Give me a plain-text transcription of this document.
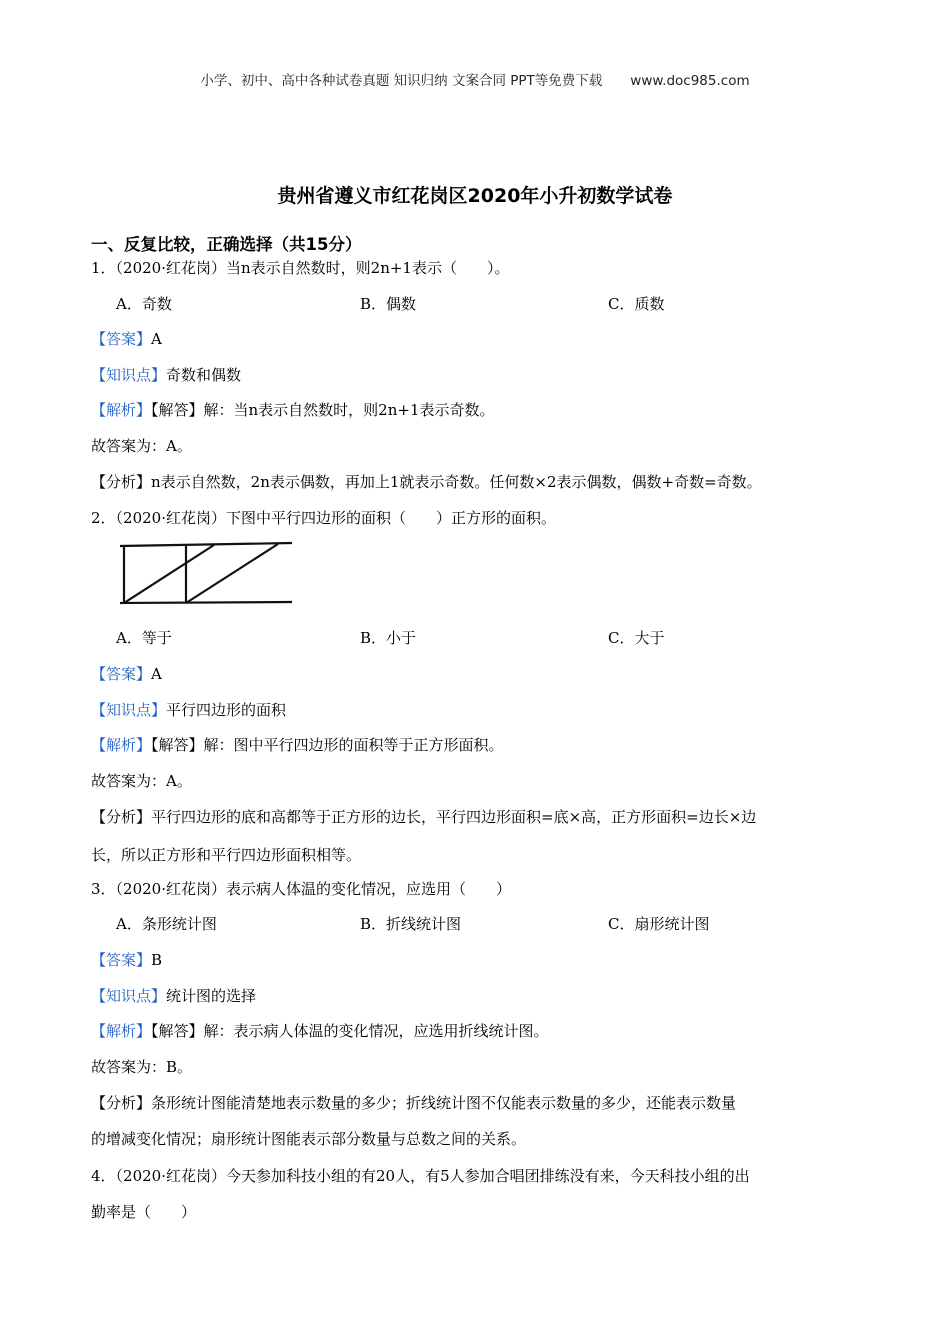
小学、初中、高中各种试卷真题 知识归纳 文案合同 PPT等免费下载 www.doc985.com
贵州省遵义市红花岗区2020年小升初数学试卷
一、反复比较，正确选择（共15分）
1．（2020·红花岗）当n表示自然数时，则2n+1表示（　　）。
A．奇数	B．偶数	C．质数
【答案】A
【知识点】奇数和偶数
【解析】【解答】解：当n表示自然数时，则2n+1表示奇数。
故答案为：A。
【分析】n表示自然数，2n表示偶数，再加上1就表示奇数。任何数×2表示偶数，偶数+奇数=奇数。
2．（2020·红花岗）下图中平行四边形的面积（　　）正方形的面积。
A．等于	B．小于	C．大于
【答案】A
【知识点】平行四边形的面积
【解析】【解答】解：图中平行四边形的面积等于正方形面积。
故答案为：A。
【分析】平行四边形的底和高都等于正方形的边长，平行四边形面积=底×高，正方形面积=边长×边
长，所以正方形和平行四边形面积相等。
3．（2020·红花岗）表示病人体温的变化情况，应选用（　　）
A．条形统计图	B．折线统计图	C．扇形统计图
【答案】B
【知识点】统计图的选择
【解析】【解答】解：表示病人体温的变化情况，应选用折线统计图。
故答案为：B。
【分析】条形统计图能清楚地表示数量的多少；折线统计图不仅能表示数量的多少，还能表示数量
的增减变化情况；扇形统计图能表示部分数量与总数之间的关系。
4．（2020·红花岗）今天参加科技小组的有20人，有5人参加合唱团排练没有来，今天科技小组的出
勤率是（　　）
